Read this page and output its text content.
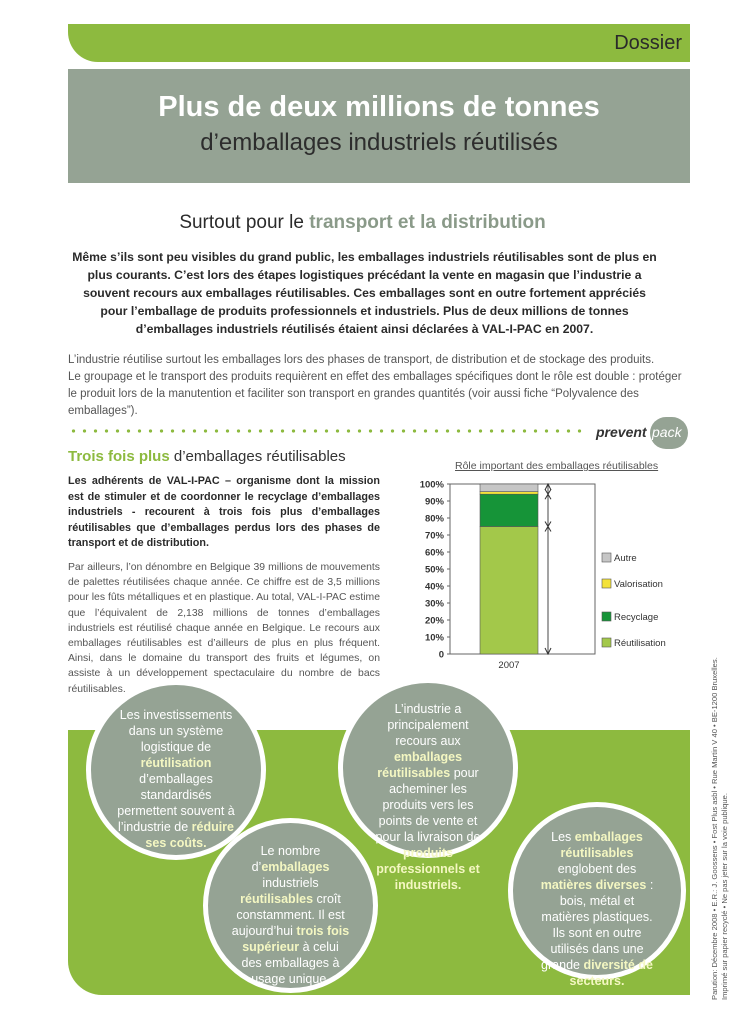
Dossier
Plus de deux millions de tonnes
d’emballages industriels réutilisés
Surtout pour le transport et la distribution
Même s’ils sont peu visibles du grand public, les emballages industriels réutilisables sont de plus en plus courants. C’est lors des étapes logistiques précédant la vente en magasin que l’industrie a souvent recours aux emballages réutilisables. Ces emballages sont en outre fortement appréciés pour l’emballage de produits professionnels et industriels. Plus de deux millions de tonnes d’emballages industriels réutilisés étaient ainsi déclarées à VAL-I-PAC en 2007.
L’industrie réutilise surtout les emballages lors des phases de transport, de distribution et de stockage des produits.
Le groupage et le transport des produits requièrent en effet des emballages spécifiques dont le rôle est double : protéger le produit lors de la manutention et faciliter son transport en grandes quantités (voir aussi fiche “Polyvalence des emballages”).
prevent pack
Trois fois plus d’emballages réutilisables
Les adhérents de VAL-I-PAC – organisme dont la mission est de stimuler et de coordonner le recyclage d’emballages industriels - recourent à trois fois plus d’emballages réutilisables que d’emballages perdus lors des phases de transport et de distribution.
Par ailleurs, l’on dénombre en Belgique 39 millions de mouvements de palettes réutilisées chaque année. Ce chiffre est de 3,5 millions pour les fûts métalliques et en plastique. Au total, VAL-I-PAC estime que l’équivalent de 2,138 millions de tonnes d’emballages industriels est réutilisé chaque année en Belgique. Le recours aux emballages réutilisables est d’ailleurs de plus en plus fréquent. Ainsi, dans le domaine du transport des fruits et légumes, on assiste à un développement spectaculaire du nombre de bacs réutilisables.
Rôle important des emballages réutilisables
0
10%
20%
30%
40%
50%
60%
70%
80%
90%
100%
2007
Autre
Valorisation
Recyclage
Réutilisation
bon à retenir
Les investissements dans un système logistique de réutilisation d’emballages standardisés permettent souvent à l’industrie de réduire ses coûts.
L’industrie a principalement recours aux emballages réutilisables pour acheminer les produits vers les points de vente et pour la livraison de produits professionnels et industriels.
Le nombre d’emballages industriels réutilisables croît constamment. Il est aujourd’hui trois fois supérieur à celui des emballages à usage unique.
Les emballages réutilisables englobent des matières diverses : bois, métal et matières plastiques. Ils sont en outre utilisés dans une grande diversité de secteurs.	Parution: Décembre 2008 • E.R.: J. Goossens • Fost Plus asbl • Rue Martin V 40 • BE-1200 Bruxelles. Imprimé sur papier recyclé • Ne pas jeter sur la voie publique.
